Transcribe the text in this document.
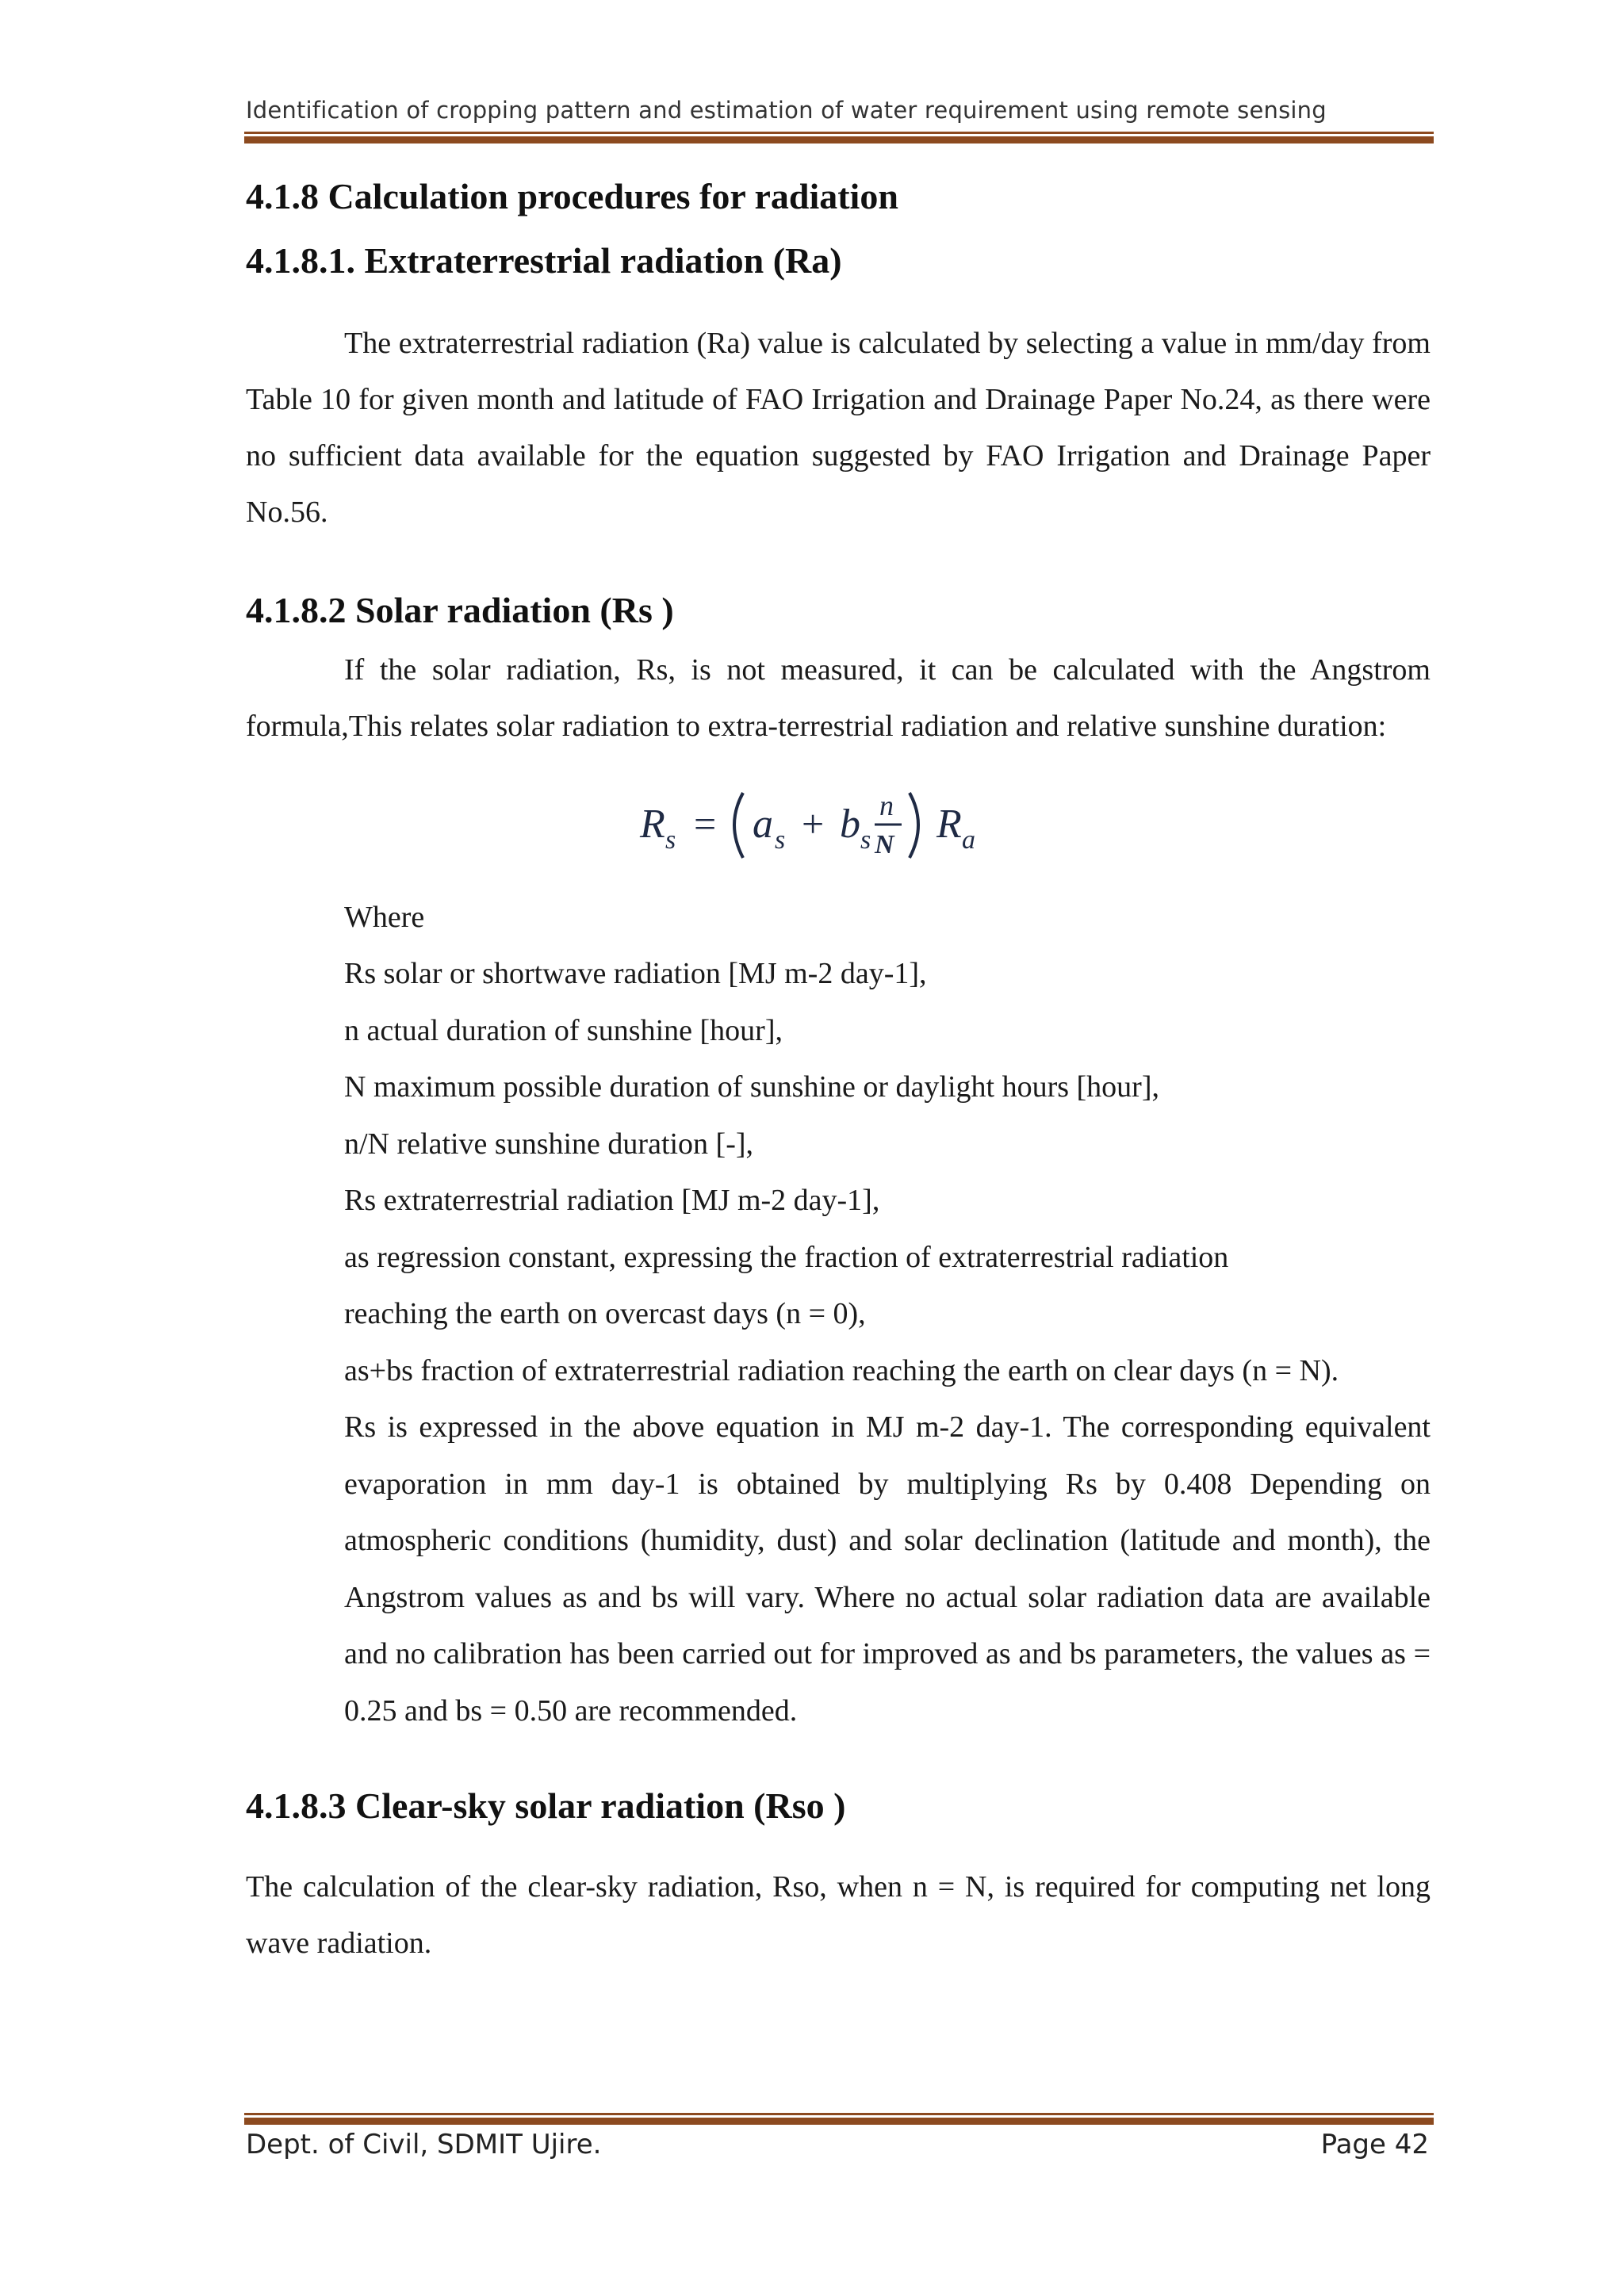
Identification of cropping pattern and estimation of water requirement using remote sensing
4.1.8 Calculation procedures for radiation
4.1.8.1. Extraterrestrial radiation (Ra)

The extraterrestrial radiation (Ra) value is calculated by selecting a value in mm/day from Table 10 for given month and latitude of FAO Irrigation and Drainage Paper No.24, as there were no sufficient data available for the equation suggested by FAO Irrigation and Drainage Paper No.56.

4.1.8.2 Solar radiation (Rs )

If the solar radiation, Rs, is not measured, it can be calculated with the Angstrom formula,This relates solar radiation to extra-terrestrial radiation and relative sunshine duration:

R s = a s + b s
n
N R a

Where

Rs solar or shortwave radiation [MJ m-2 day-1],

n actual duration of sunshine [hour],

N maximum possible duration of sunshine or daylight hours [hour],

n/N relative sunshine duration [-],

Rs extraterrestrial radiation [MJ m-2 day-1],

as regression constant, expressing the fraction of extraterrestrial radiation

reaching the earth on overcast days (n = 0),

as+bs fraction of extraterrestrial radiation reaching the earth on clear days (n = N).

Rs is expressed in the above equation in MJ m-2 day-1. The corresponding equivalent evaporation in mm day-1 is obtained by multiplying Rs by 0.408 Depending on atmospheric conditions (humidity, dust) and solar declination (latitude and month), the Angstrom values as and bs will vary. Where no actual solar radiation data are available and no calibration has been carried out for improved as and bs parameters, the values as = 0.25 and bs = 0.50 are recommended.

4.1.8.3 Clear-sky solar radiation (Rso )

The calculation of the clear-sky radiation, Rso, when n = N, is required for computing net long wave radiation.

Dept. of Civil, SDMIT Ujire.	Page 42
